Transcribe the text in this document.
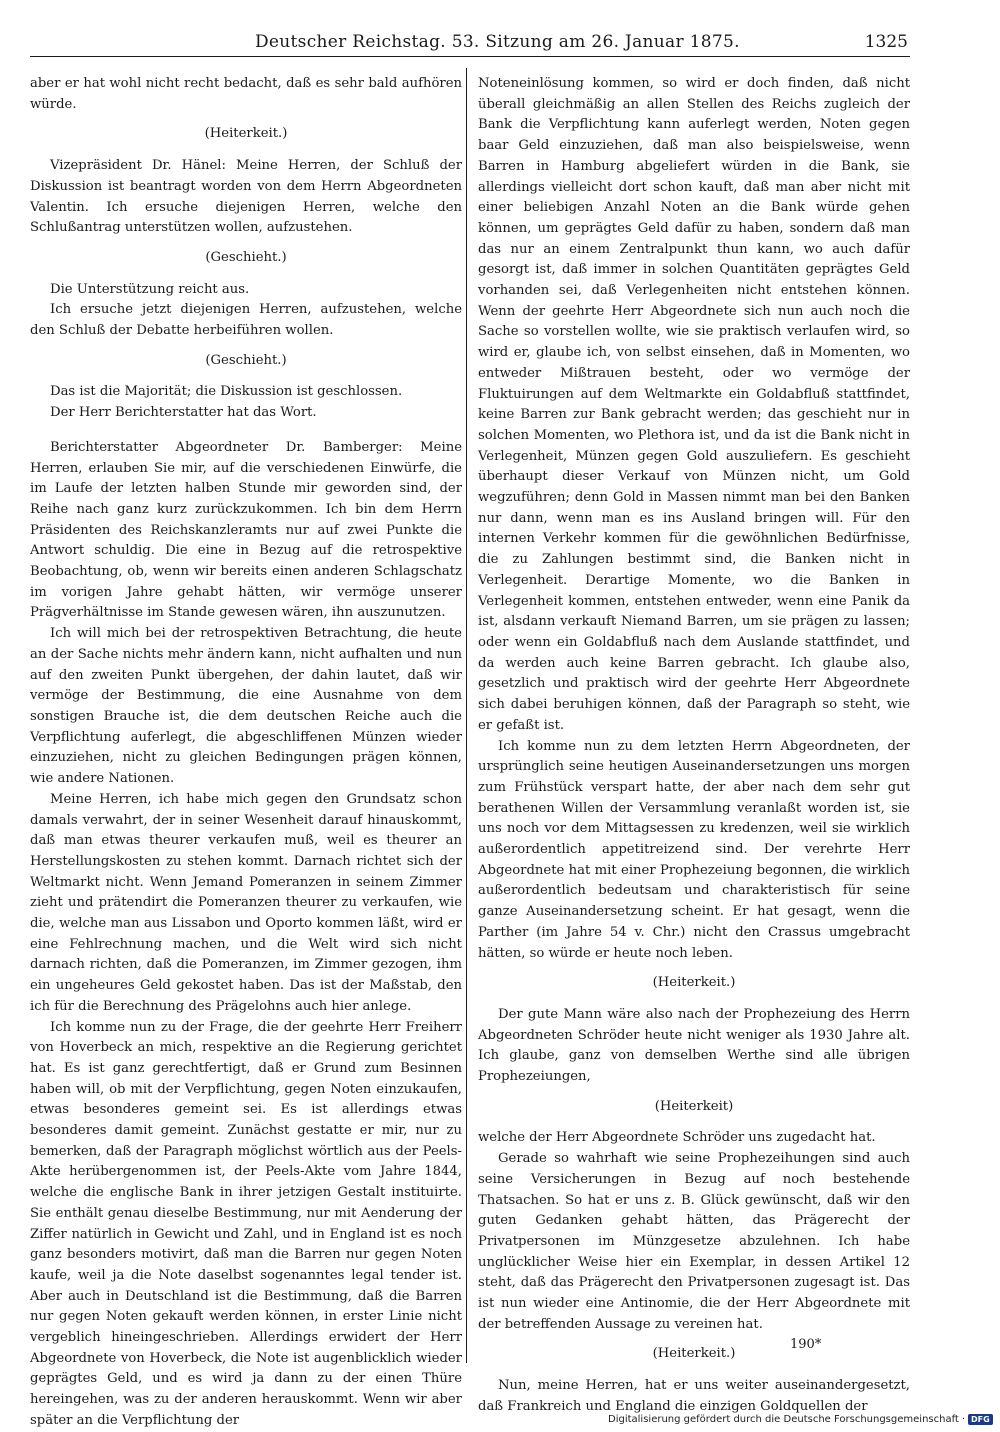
Deutscher Reichstag. 53. Sitzung am 26. Januar 1875.	1325

aber er hat wohl nicht recht bedacht, daß es sehr bald aufhören würde.

(Heiterkeit.)

Vizepräsident Dr. Hänel: Meine Herren, der Schluß der Diskussion ist beantragt worden von dem Herrn Abgeordneten Valentin. Ich ersuche diejenigen Herren, welche den Schlußantrag unterstützen wollen, aufzustehen.

(Geschieht.)

Die Unterstützung reicht aus.

Ich ersuche jetzt diejenigen Herren, aufzustehen, welche den Schluß der Debatte herbeiführen wollen.

(Geschieht.)

Das ist die Majorität; die Diskussion ist geschlossen.

Der Herr Berichterstatter hat das Wort.

Berichterstatter Abgeordneter Dr. Bamberger: Meine Herren, erlauben Sie mir, auf die verschiedenen Einwürfe, die im Laufe der letzten halben Stunde mir geworden sind, der Reihe nach ganz kurz zurückzukommen. Ich bin dem Herrn Präsidenten des Reichskanzleramts nur auf zwei Punkte die Antwort schuldig. Die eine in Bezug auf die retrospektive Beobachtung, ob, wenn wir bereits einen anderen Schlagschatz im vorigen Jahre gehabt hätten, wir vermöge unserer Prägverhältnisse im Stande gewesen wären, ihn auszunutzen.

Ich will mich bei der retrospektiven Betrachtung, die heute an der Sache nichts mehr ändern kann, nicht aufhalten und nun auf den zweiten Punkt übergehen, der dahin lautet, daß wir vermöge der Bestimmung, die eine Ausnahme von dem sonstigen Brauche ist, die dem deutschen Reiche auch die Verpflichtung auferlegt, die abgeschliffenen Münzen wieder einzuziehen, nicht zu gleichen Bedingungen prägen können, wie andere Nationen.

Meine Herren, ich habe mich gegen den Grundsatz schon damals verwahrt, der in seiner Wesenheit darauf hinauskommt, daß man etwas theurer verkaufen muß, weil es theurer an Herstellungskosten zu stehen kommt. Darnach richtet sich der Weltmarkt nicht. Wenn Jemand Pomeranzen in seinem Zimmer zieht und prätendirt die Pomeranzen theurer zu verkaufen, wie die, welche man aus Lissabon und Oporto kommen läßt, wird er eine Fehlrechnung machen, und die Welt wird sich nicht darnach richten, daß die Pomeranzen, im Zimmer gezogen, ihm ein ungeheures Geld gekostet haben. Das ist der Maßstab, den ich für die Berechnung des Prägelohns auch hier anlege.

Ich komme nun zu der Frage, die der geehrte Herr Freiherr von Hoverbeck an mich, respektive an die Regierung gerichtet hat. Es ist ganz gerechtfertigt, daß er Grund zum Besinnen haben will, ob mit der Verpflichtung, gegen Noten einzukaufen, etwas besonderes gemeint sei. Es ist allerdings etwas besonderes damit gemeint. Zunächst gestatte er mir, nur zu bemerken, daß der Paragraph möglichst wörtlich aus der Peels-Akte herübergenommen ist, der Peels-Akte vom Jahre 1844, welche die englische Bank in ihrer jetzigen Gestalt instituirte. Sie enthält genau dieselbe Bestimmung, nur mit Aenderung der Ziffer natürlich in Gewicht und Zahl, und in England ist es noch ganz besonders motivirt, daß man die Barren nur gegen Noten kaufe, weil ja die Note daselbst sogenanntes legal tender ist. Aber auch in Deutschland ist die Bestimmung, daß die Barren nur gegen Noten gekauft werden können, in erster Linie nicht vergeblich hineingeschrieben. Allerdings erwidert der Herr Abgeordnete von Hoverbeck, die Note ist augenblicklich wieder geprägtes Geld, und es wird ja dann zu der einen Thüre hereingehen, was zu der anderen herauskommt. Wenn wir aber später an die Verpflichtung der

Noteneinlösung kommen, so wird er doch finden, daß nicht überall gleichmäßig an allen Stellen des Reichs zugleich der Bank die Verpflichtung kann auferlegt werden, Noten gegen baar Geld einzuziehen, daß man also beispielsweise, wenn Barren in Hamburg abgeliefert würden in die Bank, sie allerdings vielleicht dort schon kauft, daß man aber nicht mit einer beliebigen Anzahl Noten an die Bank würde gehen können, um geprägtes Geld dafür zu haben, sondern daß man das nur an einem Zentralpunkt thun kann, wo auch dafür gesorgt ist, daß immer in solchen Quantitäten geprägtes Geld vorhanden sei, daß Verlegenheiten nicht entstehen können. Wenn der geehrte Herr Abgeordnete sich nun auch noch die Sache so vorstellen wollte, wie sie praktisch verlaufen wird, so wird er, glaube ich, von selbst einsehen, daß in Momenten, wo entweder Mißtrauen besteht, oder wo vermöge der Fluktuirungen auf dem Weltmarkte ein Goldabfluß stattfindet, keine Barren zur Bank gebracht werden; das geschieht nur in solchen Momenten, wo Plethora ist, und da ist die Bank nicht in Verlegenheit, Münzen gegen Gold auszuliefern. Es geschieht überhaupt dieser Verkauf von Münzen nicht, um Gold wegzuführen; denn Gold in Massen nimmt man bei den Banken nur dann, wenn man es ins Ausland bringen will. Für den internen Verkehr kommen für die gewöhnlichen Bedürfnisse, die zu Zahlungen bestimmt sind, die Banken nicht in Verlegenheit. Derartige Momente, wo die Banken in Verlegenheit kommen, entstehen entweder, wenn eine Panik da ist, alsdann verkauft Niemand Barren, um sie prägen zu lassen; oder wenn ein Goldabfluß nach dem Auslande stattfindet, und da werden auch keine Barren gebracht. Ich glaube also, gesetzlich und praktisch wird der geehrte Herr Abgeordnete sich dabei beruhigen können, daß der Paragraph so steht, wie er gefaßt ist.

Ich komme nun zu dem letzten Herrn Abgeordneten, der ursprünglich seine heutigen Auseinandersetzungen uns morgen zum Frühstück verspart hatte, der aber nach dem sehr gut berathenen Willen der Versammlung veranlaßt worden ist, sie uns noch vor dem Mittagsessen zu kredenzen, weil sie wirklich außerordentlich appetitreizend sind. Der verehrte Herr Abgeordnete hat mit einer Prophezeiung begonnen, die wirklich außerordentlich bedeutsam und charakteristisch für seine ganze Auseinandersetzung scheint. Er hat gesagt, wenn die Parther (im Jahre 54 v. Chr.) nicht den Crassus umgebracht hätten, so würde er heute noch leben.

(Heiterkeit.)

Der gute Mann wäre also nach der Prophezeiung des Herrn Abgeordneten Schröder heute nicht weniger als 1930 Jahre alt. Ich glaube, ganz von demselben Werthe sind alle übrigen Prophezeiungen,

(Heiterkeit)

welche der Herr Abgeordnete Schröder uns zugedacht hat.

Gerade so wahrhaft wie seine Prophezeihungen sind auch seine Versicherungen in Bezug auf noch bestehende Thatsachen. So hat er uns z. B. Glück gewünscht, daß wir den guten Gedanken gehabt hätten, das Prägerecht der Privatpersonen im Münzgesetze abzulehnen. Ich habe unglücklicher Weise hier ein Exemplar, in dessen Artikel 12 steht, daß das Prägerecht den Privatpersonen zugesagt ist. Das ist nun wieder eine Antinomie, die der Herr Abgeordnete mit der betreffenden Aussage zu vereinen hat.

(Heiterkeit.)

Nun, meine Herren, hat er uns weiter auseinandergesetzt, daß Frankreich und England die einzigen Goldquellen der

190*
Digitalisierung gefördert durch die Deutsche Forschungsgemeinschaft · DFG
